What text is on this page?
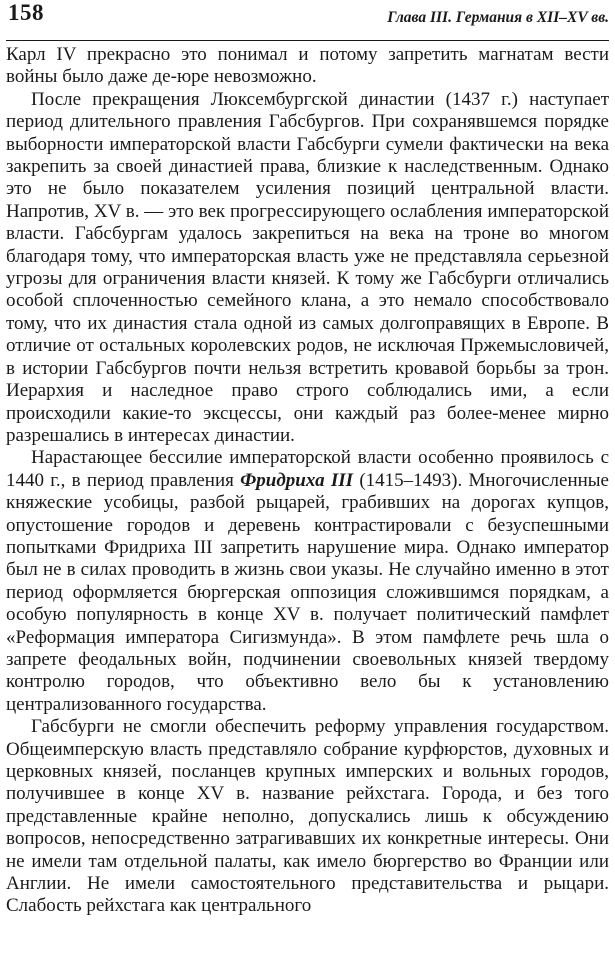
158	Глава III. Германия в XII–XV вв.

Карл IV прекрасно это понимал и потому запретить магнатам вести войны было даже де-юре невозможно.

После прекращения Люксембургской династии (1437 г.) наступает период длительного правления Габсбургов. При сохранявшемся порядке выборности императорской власти Габсбурги сумели фактически на века закрепить за своей династией права, близкие к наследственным. Однако это не было показателем усиления позиций центральной власти. Напротив, XV в. — это век прогрессирующего ослабления императорской власти. Габсбургам удалось закрепиться на века на троне во многом благодаря тому, что императорская власть уже не представляла серьезной угрозы для ограничения власти князей. К тому же Габсбурги отличались особой сплоченностью семейного клана, а это немало способствовало тому, что их династия стала одной из самых долгоправящих в Европе. В отличие от остальных королевских родов, не исключая Пржемысловичей, в истории Габсбургов почти нельзя встретить кровавой борьбы за трон. Иерархия и наследное право строго соблюдались ими, а если происходили какие-то эксцессы, они каждый раз более-менее мирно разрешались в интересах династии.

Нарастающее бессилие императорской власти особенно проявилось с 1440 г., в период правления Фридриха III (1415–1493). Многочисленные княжеские усобицы, разбой рыцарей, грабивших на дорогах купцов, опустошение городов и деревень контрастировали с безуспешными попытками Фридриха III запретить нарушение мира. Однако император был не в силах проводить в жизнь свои указы. Не случайно именно в этот период оформляется бюргерская оппозиция сложившимся порядкам, а особую популярность в конце XV в. получает политический памфлет «Реформация императора Сигизмунда». В этом памфлете речь шла о запрете феодальных войн, подчинении своевольных князей твердому контролю городов, что объективно вело бы к установлению централизованного государства.

Габсбурги не смогли обеспечить реформу управления государством. Общеимперскую власть представляло собрание курфюрстов, духовных и церковных князей, посланцев крупных имперских и вольных городов, получившее в конце XV в. название рейхстага. Города, и без того представленные крайне неполно, допускались лишь к обсуждению вопросов, непосредственно затрагивавших их конкретные интересы. Они не имели там отдельной палаты, как имело бюргерство во Франции или Англии. Не имели самостоятельного представительства и рыцари. Слабость рейхстага как центрального
